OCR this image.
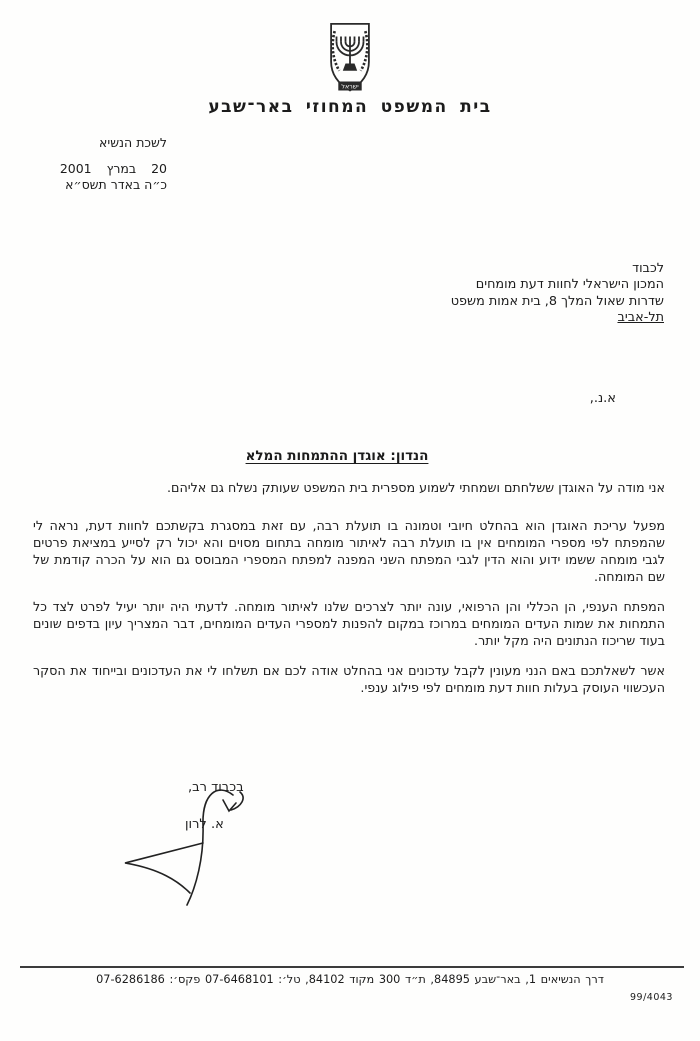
ישראל
בית המשפט המחוזי באר־שבע
לשכת הנשיא
20 במרץ 2001
כ״ה באדר תשס״א
לכבוד
המכון הישראלי לחוות דעת מומחים
שדרות שאול המלך 8, בית אמות משפט
תל-אביב
א.נ.,
הנדון: אוגדן ההתמחות המלא

אני מודה על האוגדן ששלחתם ושמחתי לשמוע מספרית בית המשפט שעותק נשלח גם אליהם.

מפעל עריכת האוגדן הוא בהחלט חיובי וטמונה בו תועלת רבה, עם זאת במסגרת בקשתכם לחוות דעת, נראה לי שהמפתח לפי מספרי המומחים אין בו תועלת רבה לאיתור מומחה בתחום מסוים והא יכול רק לסייע במציאת פרטים לגבי מומחה ששמו ידוע והוא הדין לגבי המפתח השני המפנה למפתח המספרי המבוסס גם הוא על הכרה קודמת של שם המומחה.

המפתח הענפי, הן הכללי והן הרפואי, עונה יותר לצרכים שלנו לאיתור מומחה. לדעתי היה יותר יעיל לפרט לצד כל התמחות את שמות העדים המומחים במרוכז במקום להפנות למספרי העדים המומחים, דבר המצריך עיון בדפים שונים בעוד שריכוז הנתונים היה מקל יותר.

אשר לשאלתכם באם הנני מעונין לקבל עדכונים אני בהחלט אודה לכם אם תשלחו לי את העדכונים ובייחוד את הסקר העכשווי העוסק בעלות חוות דעת מומחים לפי פילוג ענפי.

בכבוד רב,
א. לרון
דרך הנשיאים 1, באר־שבע 84895, ת״ד 300 מקוד 84102, טל׳: 07-6468101 פקס׳: 07-6286186
99/4043
